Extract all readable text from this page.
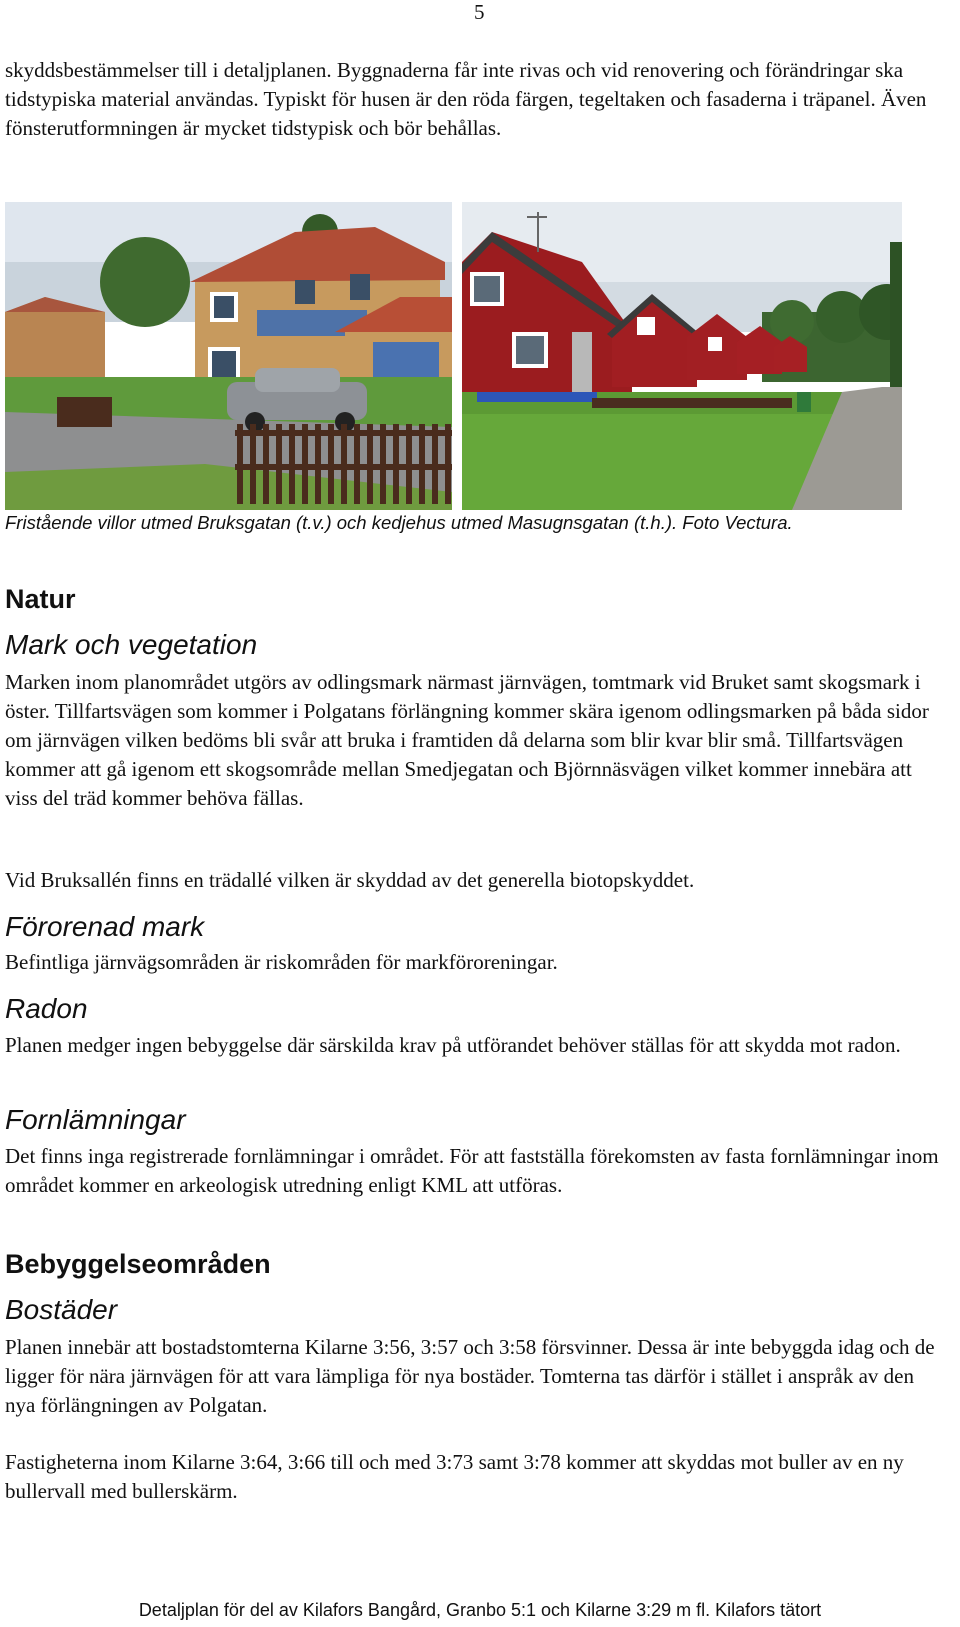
5

skyddsbestämmelser till i detaljplanen. Byggnaderna får inte rivas och vid renovering och förändringar ska tidstypiska material användas. Typiskt för husen är den röda färgen, tegeltaken och fasaderna i träpanel. Även fönsterutformningen är mycket tidstypisk och bör behållas.

Fristående villor utmed Bruksgatan (t.v.) och kedjehus utmed Masugnsgatan (t.h.). Foto Vectura.

Natur
Mark och vegetation

Marken inom planområdet utgörs av odlingsmark närmast järnvägen, tomtmark vid Bruket samt skogsmark i öster. Tillfartsvägen som kommer i Polgatans förlängning kommer skära igenom odlingsmarken på båda sidor om järnvägen vilken bedöms bli svår att bruka i framtiden då delarna som blir kvar blir små. Tillfartsvägen kommer att gå igenom ett skogsområde mellan Smedjegatan och Björnnäsvägen vilket kommer innebära att viss del träd kommer behöva fällas.

Vid Bruksallén finns en trädallé vilken är skyddad av det generella biotopskyddet.

Förorenad mark

Befintliga järnvägsområden är riskområden för markföroreningar.

Radon

Planen medger ingen bebyggelse där särskilda krav på utförandet behöver ställas för att skydda mot radon.

Fornlämningar

Det finns inga registrerade fornlämningar i området. För att fastställa förekomsten av fasta fornlämningar inom området kommer en arkeologisk utredning enligt KML att utföras.

Bebyggelseområden
Bostäder

Planen innebär att bostadstomterna Kilarne 3:56, 3:57 och 3:58 försvinner. Dessa är inte bebyggda idag och de ligger för nära järnvägen för att vara lämpliga för nya bostäder. Tomterna tas därför i stället i anspråk av den nya förlängningen av Polgatan.

Fastigheterna inom Kilarne 3:64, 3:66 till och med 3:73 samt 3:78 kommer att skyddas mot buller av en ny bullervall med bullerskärm.

Detaljplan för del av Kilafors Bangård, Granbo 5:1 och Kilarne 3:29 m fl. Kilafors tätort
